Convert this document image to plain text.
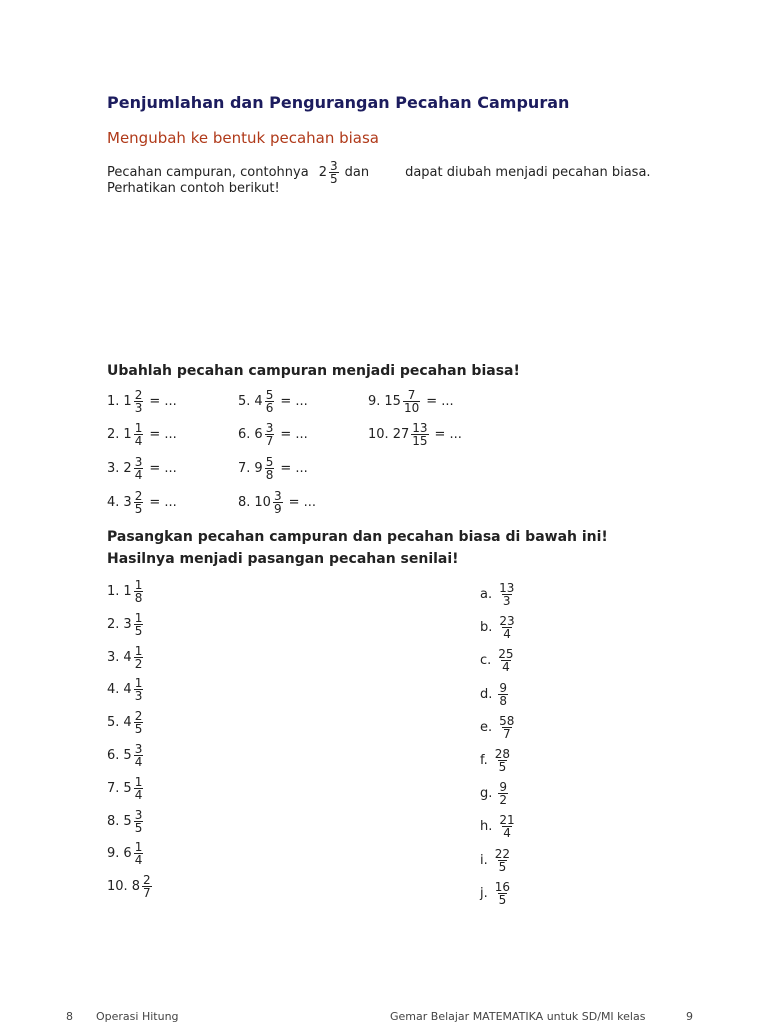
Penjumlahan dan Pengurangan Pecahan Campuran
Mengubah ke bentuk pecahan biasa
Pecahan campuran, contohnya $2 \frac{3}{5}$ dan	dapat diubah menjadi pecahan biasa.
Perhatikan contoh berikut!
Ubahlah pecahan campuran menjadi pecahan biasa!
1. $1 \frac{2}{3}$ = ...
2. $1 \frac{1}{4}$ = ...
3. $2 \frac{3}{4}$ = ...
4. $3 \frac{2}{5}$ = ...
5. $4 \frac{5}{6}$ = ...
6. $6 \frac{3}{7}$ = ...
7. $9 \frac{5}{8}$ = ...
8. $10 \frac{3}{9}$ = ...
9. $15 \frac{7}{10}$ = ...
10. $27 \frac{13}{15}$ = ...
Pasangkan pecahan campuran dan pecahan biasa di bawah ini!
Hasilnya menjadi pasangan pecahan senilai!
1. $1 \frac{1}{8}$
2. $3 \frac{1}{5}$
3. $4 \frac{1}{2}$
4. $4 \frac{1}{3}$
5. $4 \frac{2}{5}$
6. $5 \frac{3}{4}$
7. $5 \frac{1}{4}$
8. $5 \frac{3}{5}$
9. $6 \frac{1}{4}$
10. $8 \frac{2}{7}$
a. $\frac{13}{3}$
b. $\frac{23}{4}$
c. $\frac{25}{4}$
d. $\frac{9}{8}$
e. $\frac{58}{7}$
f. $\frac{28}{5}$
g. $\frac{9}{2}$
h. $\frac{21}{4}$
i. $\frac{22}{5}$
j. $\frac{16}{5}$
8 Operasi Hitung	Gemar Belajar MATEMATIKA untuk SD/MI kelas	9
